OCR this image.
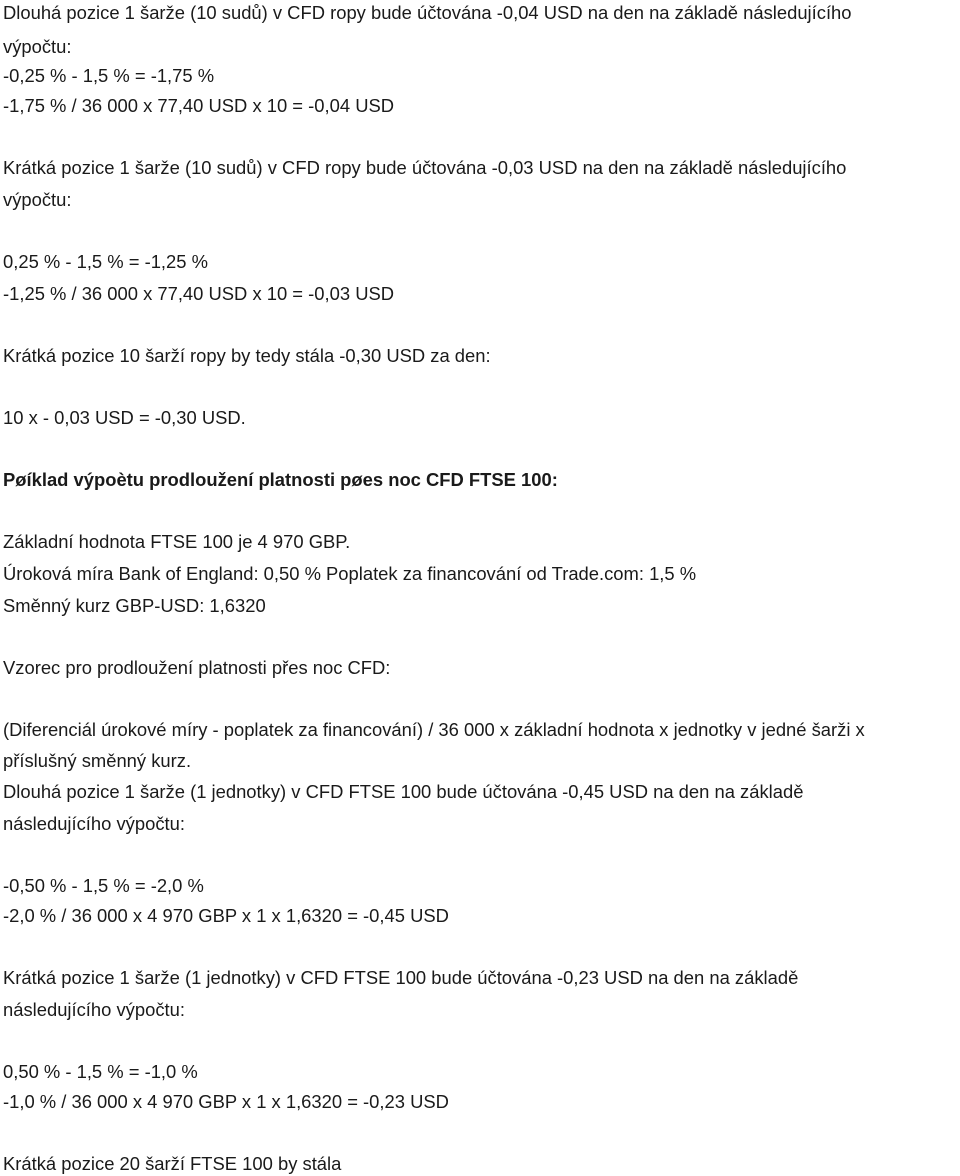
Dlouhá pozice 1 šarže (10 sudů) v CFD ropy bude účtována -0,04 USD na den na základě následujícího
výpočtu:
-0,25 % - 1,5 % = -1,75 %
-1,75 % / 36 000 x 77,40 USD x 10 = -0,04 USD
Krátká pozice 1 šarže (10 sudů) v CFD ropy bude účtována -0,03 USD na den na základě následujícího
výpočtu:
0,25 % - 1,5 % = -1,25 %
-1,25 % / 36 000 x 77,40 USD x 10 = -0,03 USD
Krátká pozice 10 šarží ropy by tedy stála -0,30 USD za den:
10 x - 0,03 USD = -0,30 USD.
Pøíklad výpoètu prodloužení platnosti pøes noc CFD FTSE 100:
Základní hodnota FTSE 100 je 4 970 GBP.
Úroková míra Bank of England: 0,50 % Poplatek za financování od Trade.com: 1,5 %
Směnný kurz GBP-USD: 1,6320
Vzorec pro prodloužení platnosti přes noc CFD:
(Diferenciál úrokové míry - poplatek za financování) / 36 000 x základní hodnota x jednotky v jedné šarži x
příslušný směnný kurz.
Dlouhá pozice 1 šarže (1 jednotky) v CFD FTSE 100 bude účtována -0,45 USD na den na základě
následujícího výpočtu:
-0,50 % - 1,5 % = -2,0 %
-2,0 % / 36 000 x 4 970 GBP x 1 x 1,6320 = -0,45 USD
Krátká pozice 1 šarže (1 jednotky) v CFD FTSE 100 bude účtována -0,23 USD na den na základě
následujícího výpočtu:
0,50 % - 1,5 % = -1,0 %
-1,0 % / 36 000 x 4 970 GBP x 1 x 1,6320 = -0,23 USD
Krátká pozice 20 šarží FTSE 100 by stála
